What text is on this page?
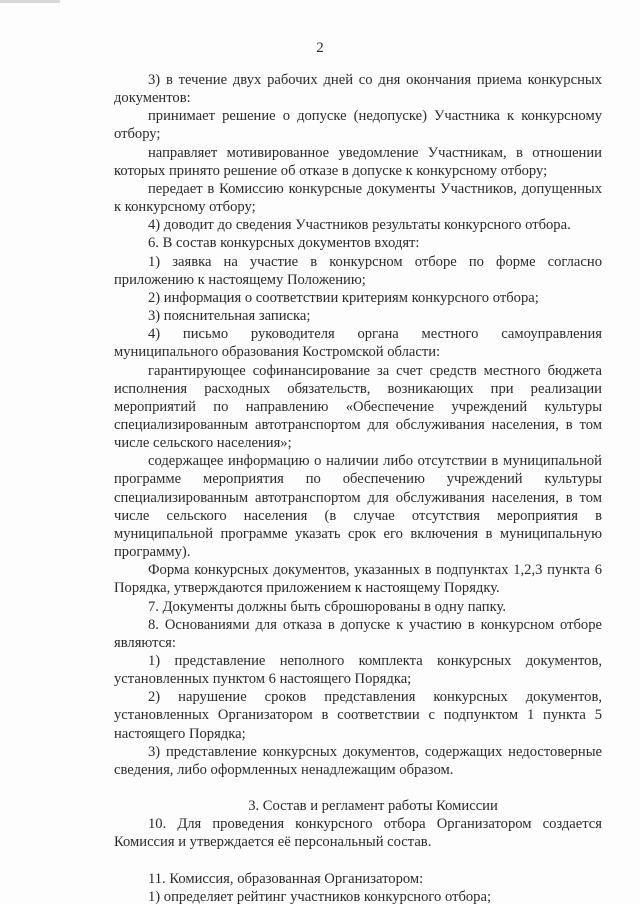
2

3) в течение двух рабочих дней со дня окончания приема конкурсных документов:

принимает решение о допуске (недопуске) Участника к конкурсному отбору;

направляет мотивированное уведомление Участникам, в отношении которых принято решение об отказе в допуске к конкурсному отбору;

передает в Комиссию конкурсные документы Участников, допущенных к конкурсному отбору;

4) доводит до сведения Участников результаты конкурсного отбора.

6. В состав конкурсных документов входят:

1) заявка на участие в конкурсном отборе по форме согласно приложению к настоящему Положению;

2) информация о соответствии критериям конкурсного отбора;

3) пояснительная записка;

4) письмо руководителя органа местного самоуправления муниципального образования Костромской области:

гарантирующее софинансирование за счет средств местного бюджета исполнения расходных обязательств, возникающих при реализации мероприятий по направлению «Обеспечение учреждений культуры специализированным автотранспортом для обслуживания населения, в том числе сельского населения»;

содержащее информацию о наличии либо отсутствии в муниципальной программе мероприятия по обеспечению учреждений культуры специализированным автотранспортом для обслуживания населения, в том числе сельского населения (в случае отсутствия мероприятия в муниципальной программе указать срок его включения в муниципальную программу).

Форма конкурсных документов, указанных в подпунктах 1,2,3 пункта 6 Порядка, утверждаются приложением к настоящему Порядку.

7. Документы должны быть сброшюрованы в одну папку.

8. Основаниями для отказа в допуске к участию в конкурсном отборе являются:

1) представление неполного комплекта конкурсных документов, установленных пунктом 6 настоящего Порядка;

2) нарушение сроков представления конкурсных документов, установленных Организатором в соответствии с подпунктом 1 пункта 5 настоящего Порядка;

3) представление конкурсных документов, содержащих недостоверные сведения, либо оформленных ненадлежащим образом.

3. Состав и регламент работы Комиссии

10. Для проведения конкурсного отбора Организатором создается Комиссия и утверждается её персональный состав.

11. Комиссия, образованная Организатором:

1) определяет рейтинг участников конкурсного отбора;
